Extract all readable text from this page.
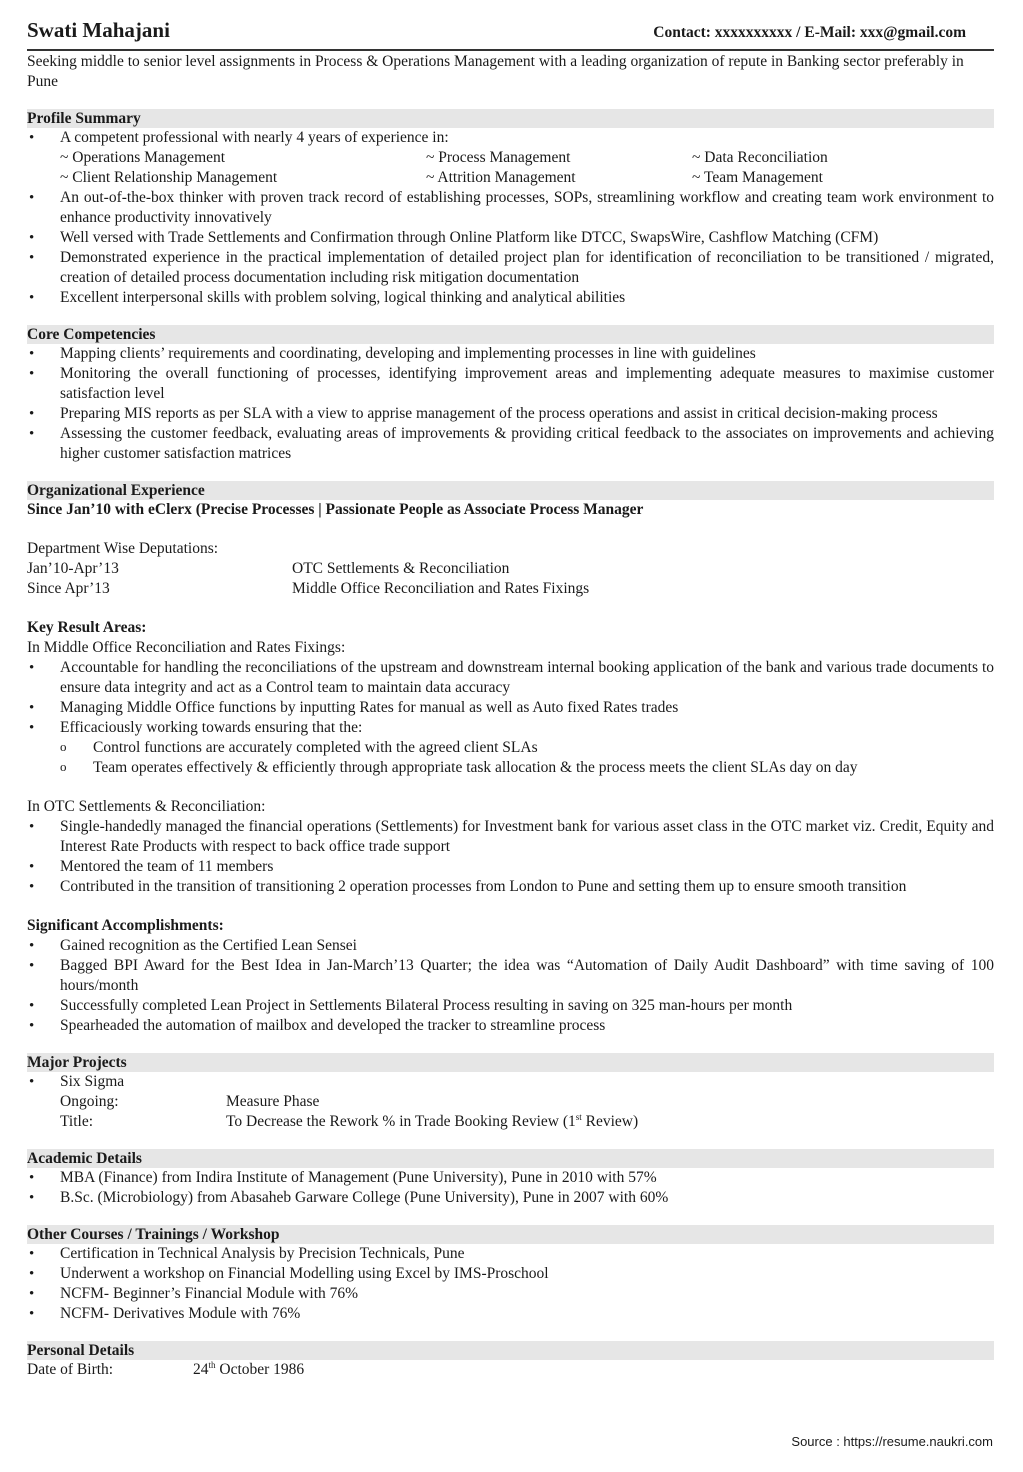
Swati Mahajani	Contact: xxxxxxxxxx / E-Mail: xxx@gmail.com
Seeking middle to senior level assignments in Process & Operations Management with a leading organization of repute in Banking sector preferably in Pune
Profile Summary
• A competent professional with nearly 4 years of experience in:
~ Operations Management	~ Process Management	~ Data Reconciliation
~ Client Relationship Management	~ Attrition Management	~ Team Management
• An out-of-the-box thinker with proven track record of establishing processes, SOPs, streamlining workflow and creating team work environment to enhance productivity innovatively
• Well versed with Trade Settlements and Confirmation through Online Platform like DTCC, SwapsWire, Cashflow Matching (CFM)
• Demonstrated experience in the practical implementation of detailed project plan for identification of reconciliation to be transitioned / migrated, creation of detailed process documentation including risk mitigation documentation
• Excellent interpersonal skills with problem solving, logical thinking and analytical abilities
Core Competencies
• Mapping clients’ requirements and coordinating, developing and implementing processes in line with guidelines
• Monitoring the overall functioning of processes, identifying improvement areas and implementing adequate measures to maximise customer satisfaction level
• Preparing MIS reports as per SLA with a view to apprise management of the process operations and assist in critical decision-making process
• Assessing the customer feedback, evaluating areas of improvements & providing critical feedback to the associates on improvements and achieving higher customer satisfaction matrices
Organizational Experience
Since Jan’10 with eClerx (Precise Processes | Passionate People as Associate Process Manager
Department Wise Deputations:
Jan’10-Apr’13	OTC Settlements & Reconciliation
Since Apr’13	Middle Office Reconciliation and Rates Fixings
Key Result Areas:
In Middle Office Reconciliation and Rates Fixings:
• Accountable for handling the reconciliations of the upstream and downstream internal booking application of the bank and various trade documents to ensure data integrity and act as a Control team to maintain data accuracy
• Managing Middle Office functions by inputting Rates for manual as well as Auto fixed Rates trades
• Efficaciously working towards ensuring that the:
o Control functions are accurately completed with the agreed client SLAs
o Team operates effectively & efficiently through appropriate task allocation & the process meets the client SLAs day on day
In OTC Settlements & Reconciliation:
• Single-handedly managed the financial operations (Settlements) for Investment bank for various asset class in the OTC market viz. Credit, Equity and Interest Rate Products with respect to back office trade support
• Mentored the team of 11 members
• Contributed in the transition of transitioning 2 operation processes from London to Pune and setting them up to ensure smooth transition
Significant Accomplishments:
• Gained recognition as the Certified Lean Sensei
• Bagged BPI Award for the Best Idea in Jan-March’13 Quarter; the idea was “Automation of Daily Audit Dashboard” with time saving of 100 hours/month
• Successfully completed Lean Project in Settlements Bilateral Process resulting in saving on 325 man-hours per month
• Spearheaded the automation of mailbox and developed the tracker to streamline process
Major Projects
• Six Sigma
Ongoing:	Measure Phase
Title:	To Decrease the Rework % in Trade Booking Review (1st Review)
Academic Details
• MBA (Finance) from Indira Institute of Management (Pune University), Pune in 2010 with 57%
• B.Sc. (Microbiology) from Abasaheb Garware College (Pune University), Pune in 2007 with 60%
Other Courses / Trainings / Workshop
• Certification in Technical Analysis by Precision Technicals, Pune
• Underwent a workshop on Financial Modelling using Excel by IMS-Proschool
• NCFM- Beginner’s Financial Module with 76%
• NCFM- Derivatives Module with 76%
Personal Details
Date of Birth:	24th October 1986
Source : https://resume.naukri.com
